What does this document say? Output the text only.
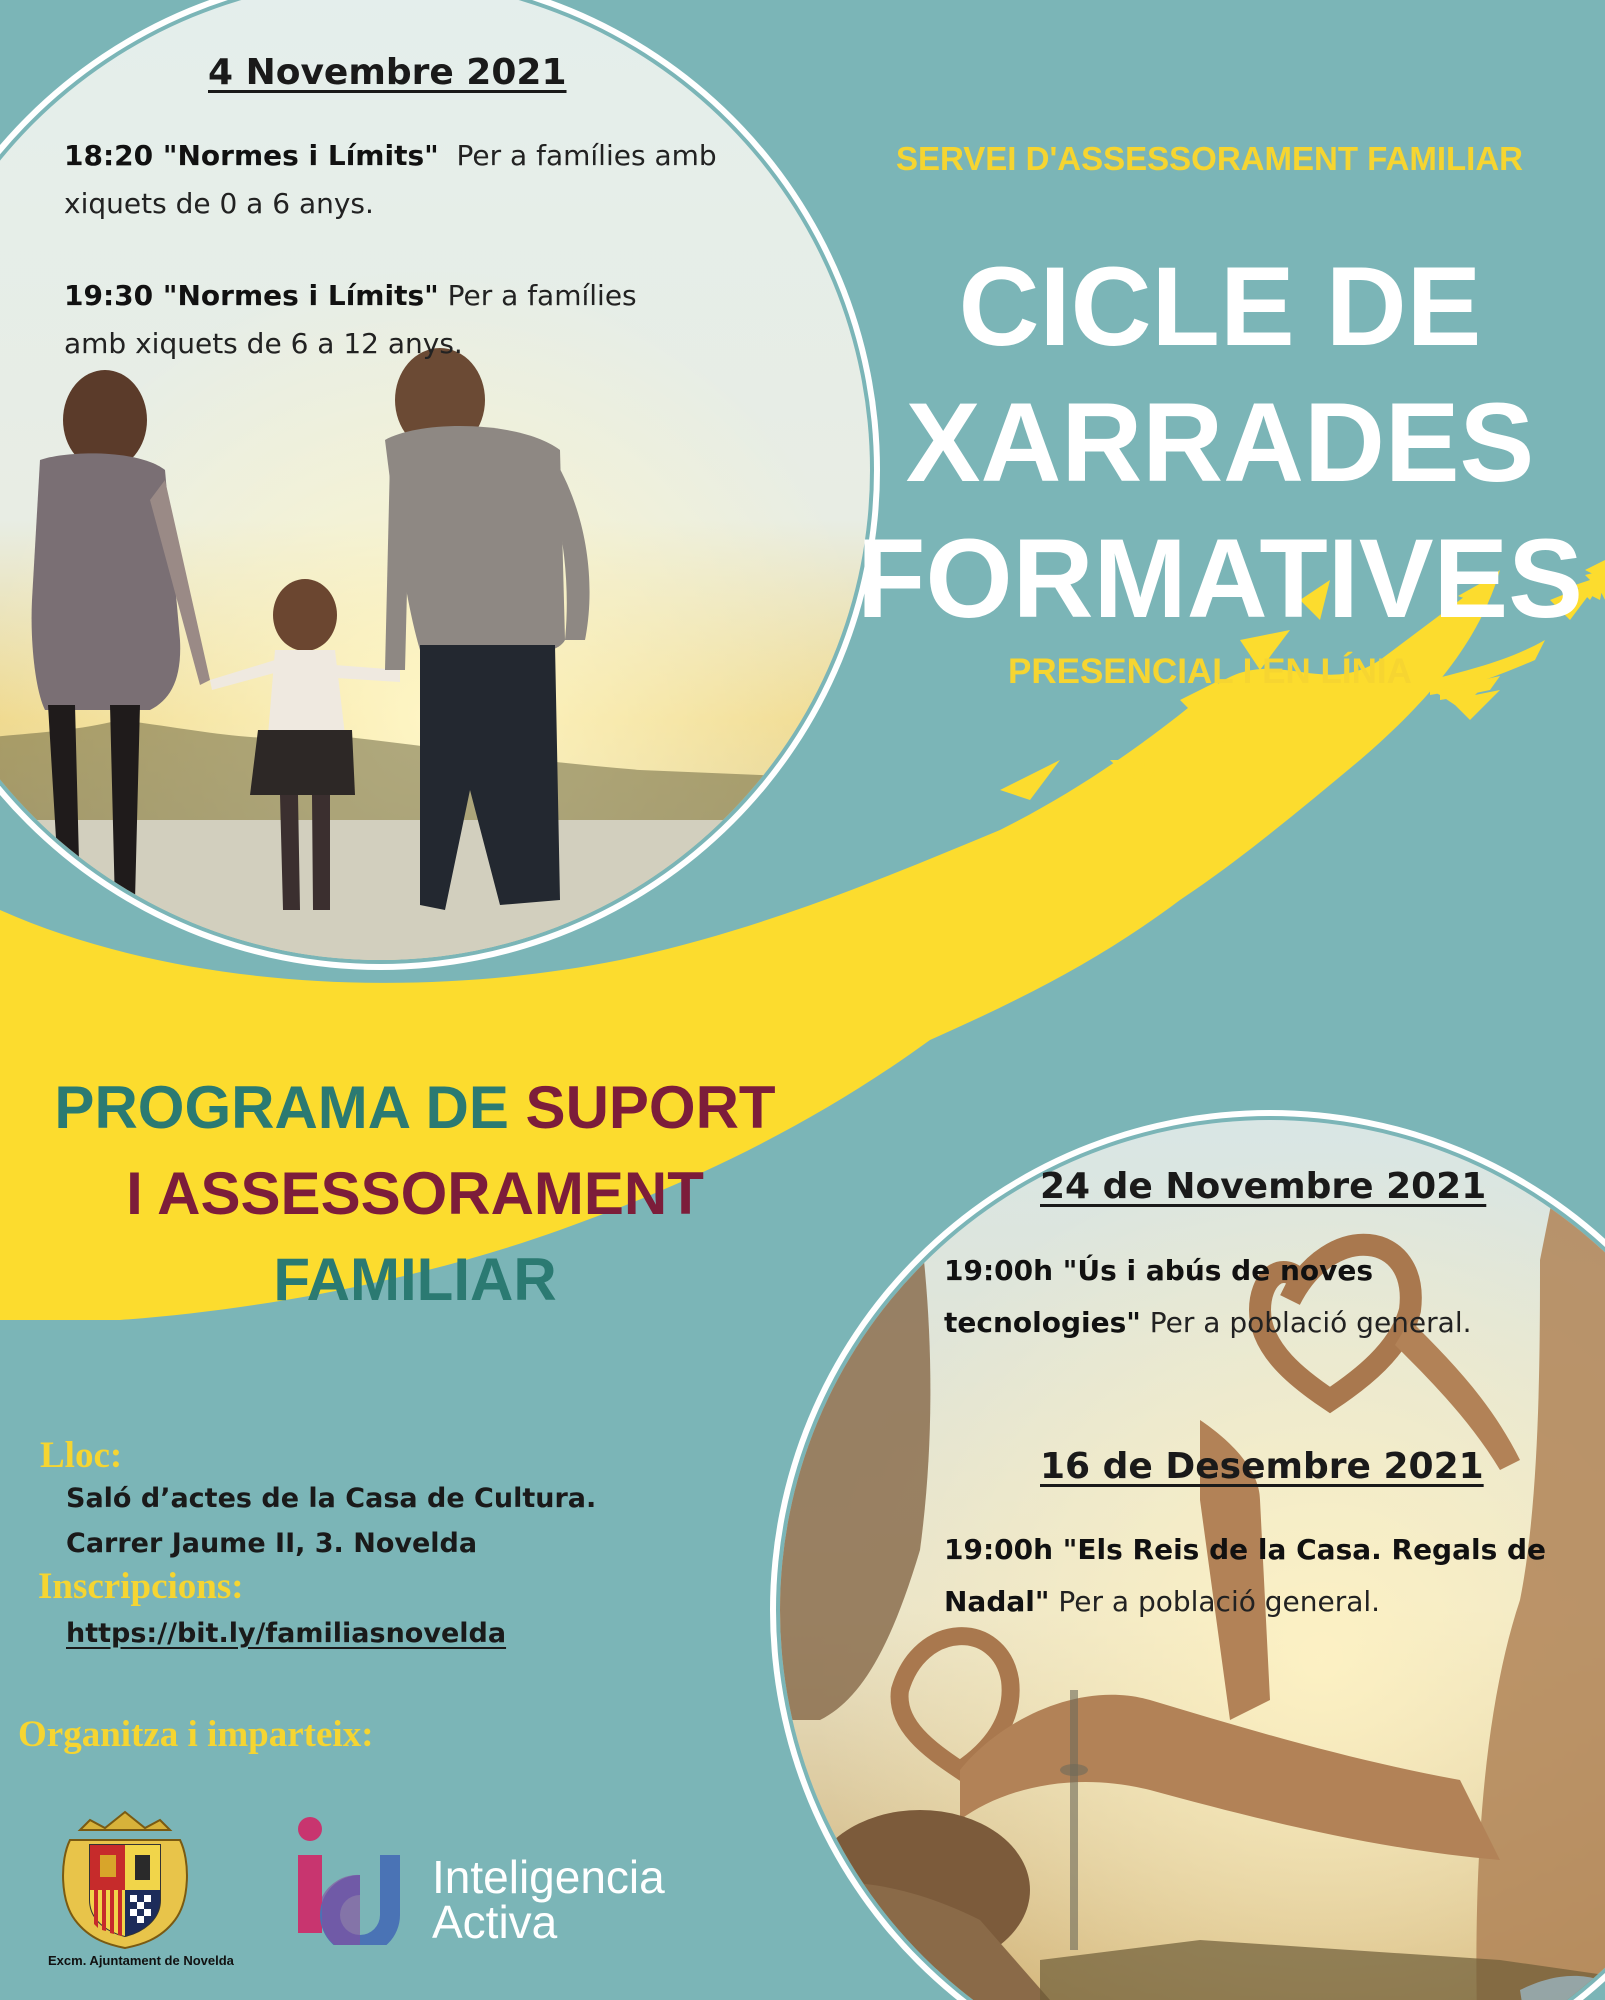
4 Novembre 2021
18:20 "Normes i Límits"  Per a famílies amb
xiquets de 0 a 6 anys.
19:30 "Normes i Límits" Per a famílies
amb xiquets de 6 a 12 anys.
SERVEI D'ASSESSORAMENT FAMILIAR
CICLE DE
XARRADES
FORMATIVES
PRESENCIAL I EN LÍNIA
PROGRAMA DE SUPORT
I ASSESSORAMENT
FAMILIAR
24 de Novembre 2021
19:00h "Ús i abús de noves
tecnologies" Per a població general.
16 de Desembre 2021
19:00h "Els Reis de la Casa. Regals de
Nadal" Per a població general.
Lloc:
Saló d’actes de la Casa de Cultura.
Carrer Jaume II, 3. Novelda
Inscripcions:
https://bit.ly/familiasnovelda
Organitza i imparteix:
Excm. Ajuntament de Novelda
Inteligencia
Activa
